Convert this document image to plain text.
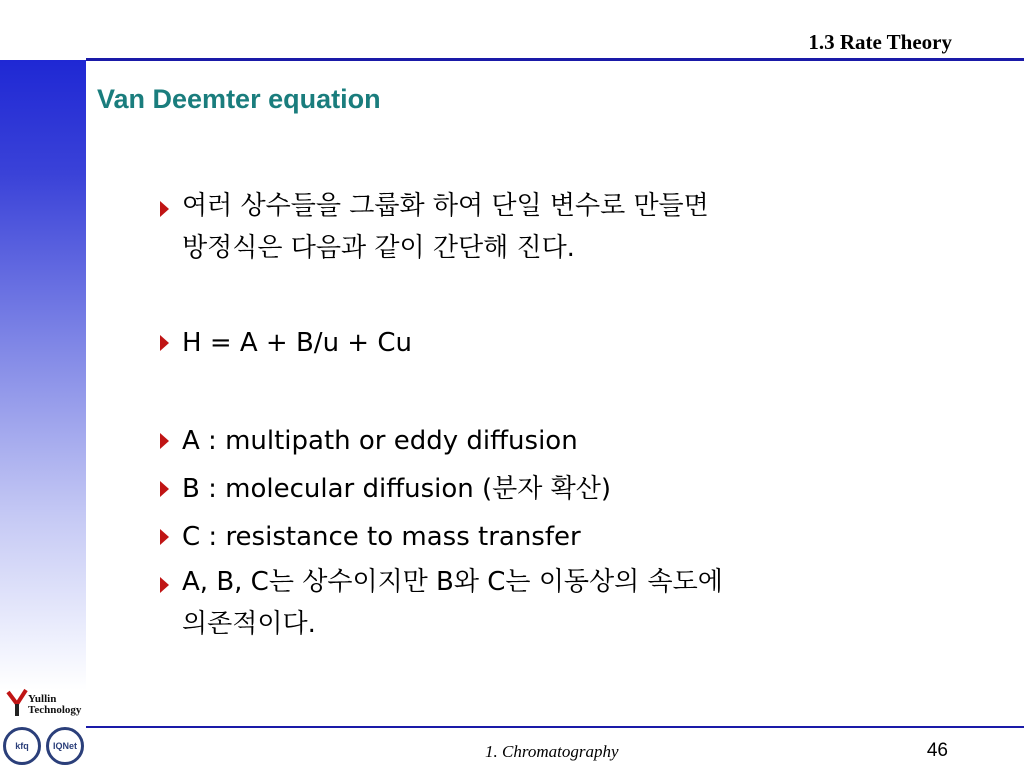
1.3 Rate Theory
Van Deemter equation
여러 상수들을 그룹화 하여 단일 변수로 만들면
방정식은 다음과 같이 간단해 진다.
H = A + B/u + Cu
A : multipath or eddy diffusion
B : molecular diffusion (분자 확산)
C : resistance to mass transfer
A, B, C는 상수이지만 B와 C는 이동상의 속도에
의존적이다.
Yullin
Technology
kfq	IQNet	1. Chromatography	46
